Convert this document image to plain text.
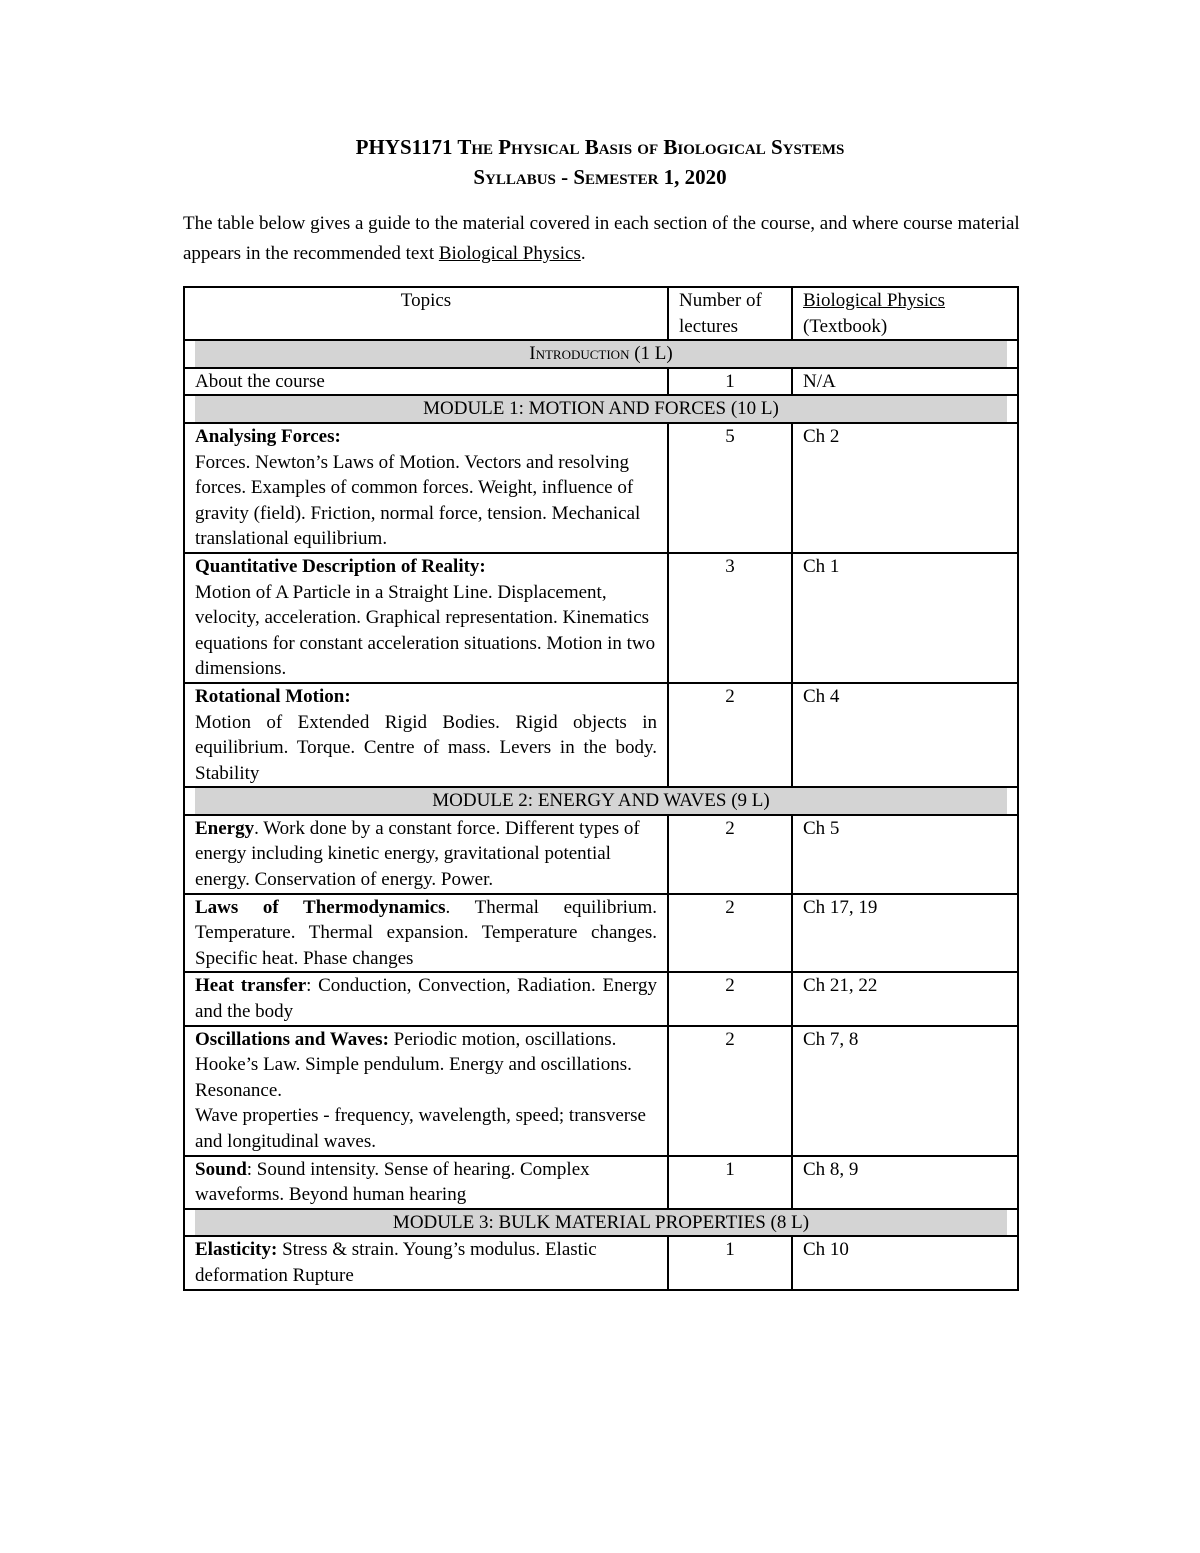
PHYS1171 The Physical Basis of Biological Systems
Syllabus - Semester 1, 2020
The table below gives a guide to the material covered in each section of the course, and where course material appears in the recommended text Biological Physics.
Topics	Number of lectures	Biological Physics
(Textbook)

Introduction (1 L)		

About the course	1	N/A

MODULE 1: MOTION AND FORCES (10 L)		

Analysing Forces:
Forces. Newton’s Laws of Motion. Vectors and resolving forces. Examples of common forces. Weight, influence of gravity (field). Friction, normal force, tension. Mechanical translational equilibrium.	5	Ch 2
Quantitative Description of Reality:
Motion of A Particle in a Straight Line. Displacement, velocity, acceleration. Graphical representation. Kinematics equations for constant acceleration situations. Motion in two dimensions.	3	Ch 1
Rotational Motion:
Motion of Extended Rigid Bodies. Rigid objects in equilibrium. Torque. Centre of mass. Levers in the body. Stability	2	Ch 4

MODULE 2: ENERGY AND WAVES (9 L)		

Energy. Work done by a constant force. Different types of energy including kinetic energy, gravitational potential energy. Conservation of energy. Power.	2	Ch 5
Laws of Thermodynamics. Thermal equilibrium. Temperature. Thermal expansion. Temperature changes. Specific heat. Phase changes	2	Ch 17, 19
Heat transfer: Conduction, Convection, Radiation. Energy and the body	2	Ch 21, 22
Oscillations and Waves: Periodic motion, oscillations. Hooke’s Law. Simple pendulum. Energy and oscillations. Resonance.
Wave properties - frequency, wavelength, speed; transverse and longitudinal waves.	2	Ch 7, 8
Sound: Sound intensity. Sense of hearing. Complex waveforms. Beyond human hearing	1	Ch 8, 9

MODULE 3: BULK MATERIAL PROPERTIES (8 L)		

Elasticity: Stress & strain. Young’s modulus. Elastic deformation Rupture	1	Ch 10
